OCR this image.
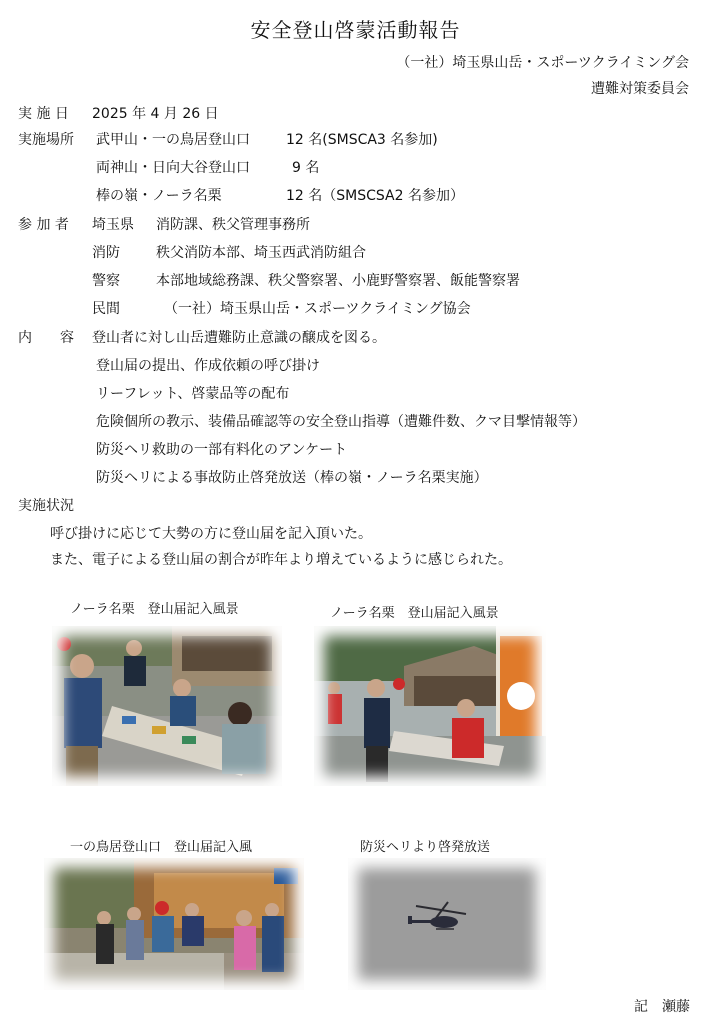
安全登山啓蒙活動報告
（一社）埼玉県山岳・スポーツクライミング会
遭難対策委員会
実 施 日 2025 年 4 月 26 日
実施場所 武甲山・一の鳥居登山口	12 名(SMSCA3 名参加)
両神山・日向大谷登山口	9 名
棒の嶺・ノーラ名栗	12 名（SMSCSA2 名参加）
参 加 者 埼玉県 消防課、秩父管理事務所
消防	秩父消防本部、埼玉西武消防組合
警察	本部地域総務課、秩父警察署、小鹿野警察署、飯能警察署
民間	（一社）埼玉県山岳・スポーツクライミング協会
内　　容 登山者に対し山岳遭難防止意識の醸成を図る。
登山届の提出、作成依頼の呼び掛け
リーフレット、啓蒙品等の配布
危険個所の教示、装備品確認等の安全登山指導（遭難件数、クマ目撃情報等）
防災ヘリ救助の一部有料化のアンケート
防災ヘリによる事故防止啓発放送（棒の嶺・ノーラ名栗実施）
実施状況
呼び掛けに応じて大勢の方に登山届を記入頂いた。
また、電子による登山届の割合が昨年より増えているように感じられた。
ノーラ名栗　登山届記入風景	ノーラ名栗　登山届記入風景
一の鳥居登山口　登山届記入風	防災ヘリより啓発放送
記 瀬藤
